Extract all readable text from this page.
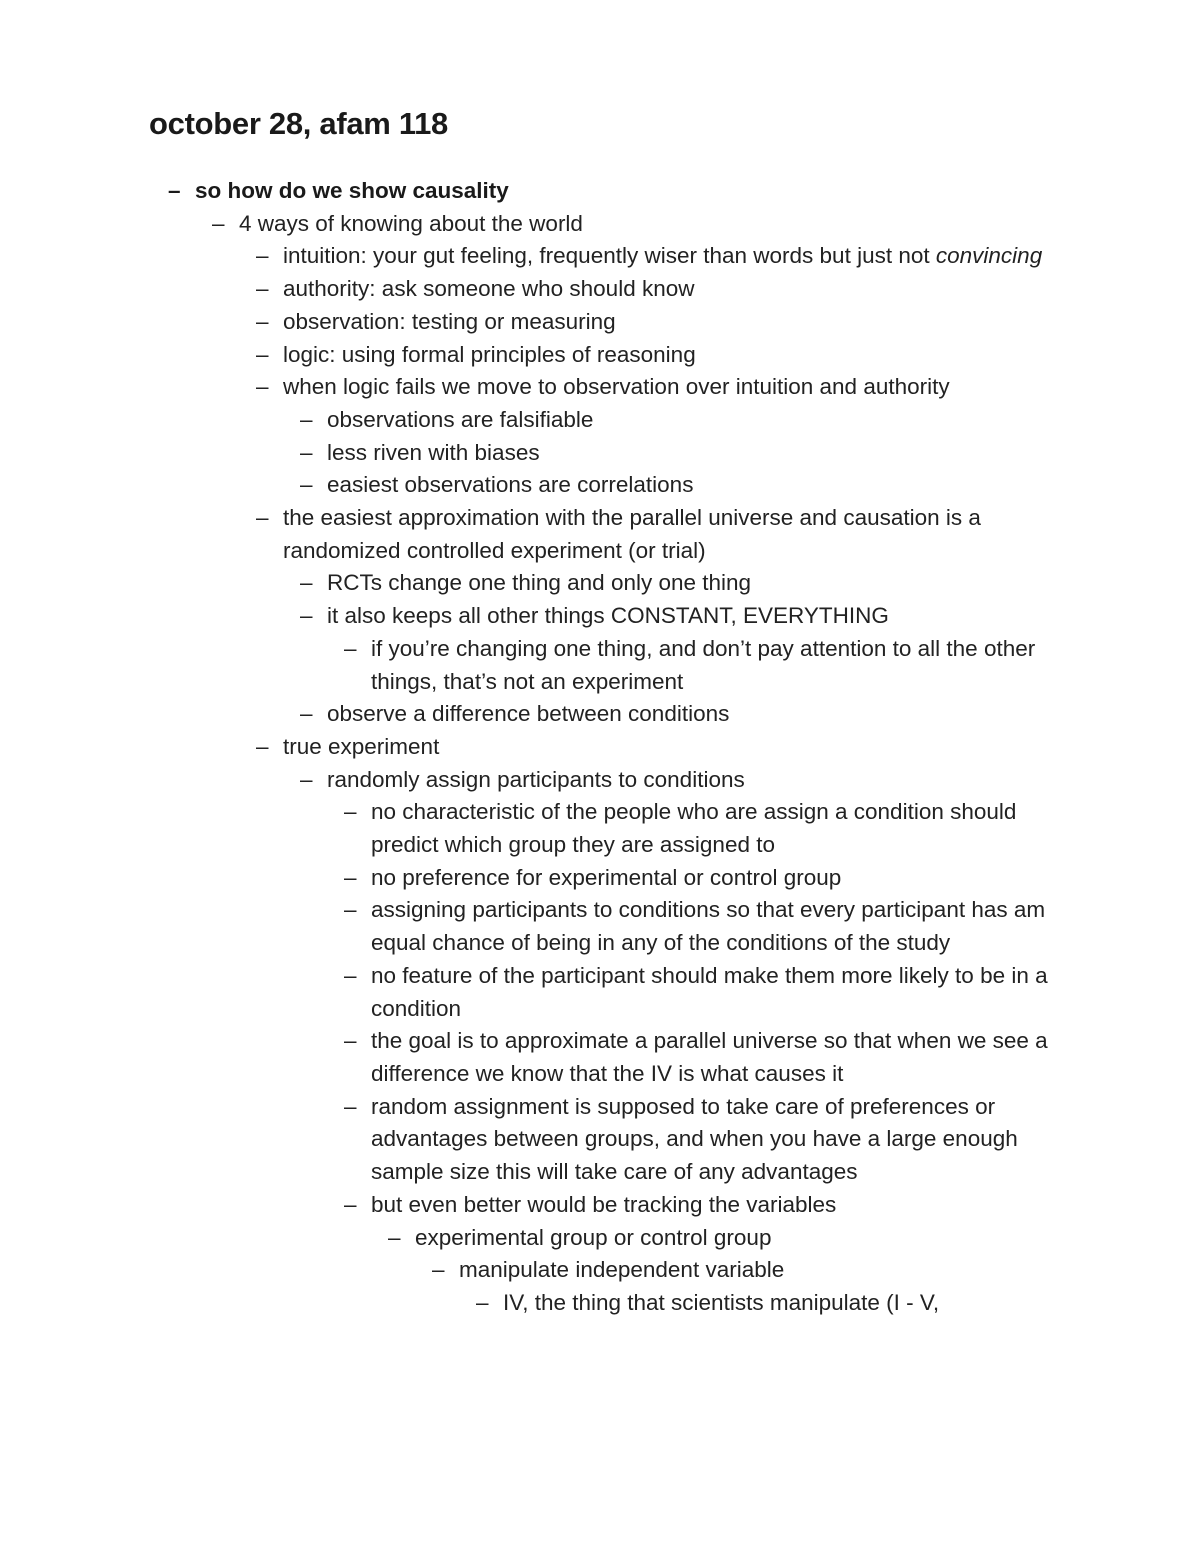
october 28, afam 118
– so how do we show causality
– 4 ways of knowing about the world
– intuition: your gut feeling, frequently wiser than words but just not convincing
– authority: ask someone who should know
– observation: testing or measuring
– logic: using formal principles of reasoning
– when logic fails we move to observation over intuition and authority
– observations are falsifiable
– less riven with biases
– easiest observations are correlations
– the easiest approximation with the parallel universe and causation is a randomized controlled experiment (or trial)
– RCTs change one thing and only one thing
– it also keeps all other things CONSTANT, EVERYTHING
– if you’re changing one thing, and don’t pay attention to all the other things, that’s not an experiment
– observe a difference between conditions
– true experiment
– randomly assign participants to conditions
– no characteristic of the people who are assign a condition should predict which group they are assigned to
– no preference for experimental or control group
– assigning participants to conditions so that every participant has am equal chance of being in any of the conditions of the study
– no feature of the participant should make them more likely to be in a condition
– the goal is to approximate a parallel universe so that when we see a difference we know that the IV is what causes it
– random assignment is supposed to take care of preferences or advantages between groups, and when you have a large enough sample size this will take care of any advantages
– but even better would be tracking the variables
– experimental group or control group
– manipulate independent variable
– IV, the thing that scientists manipulate (I - V,
